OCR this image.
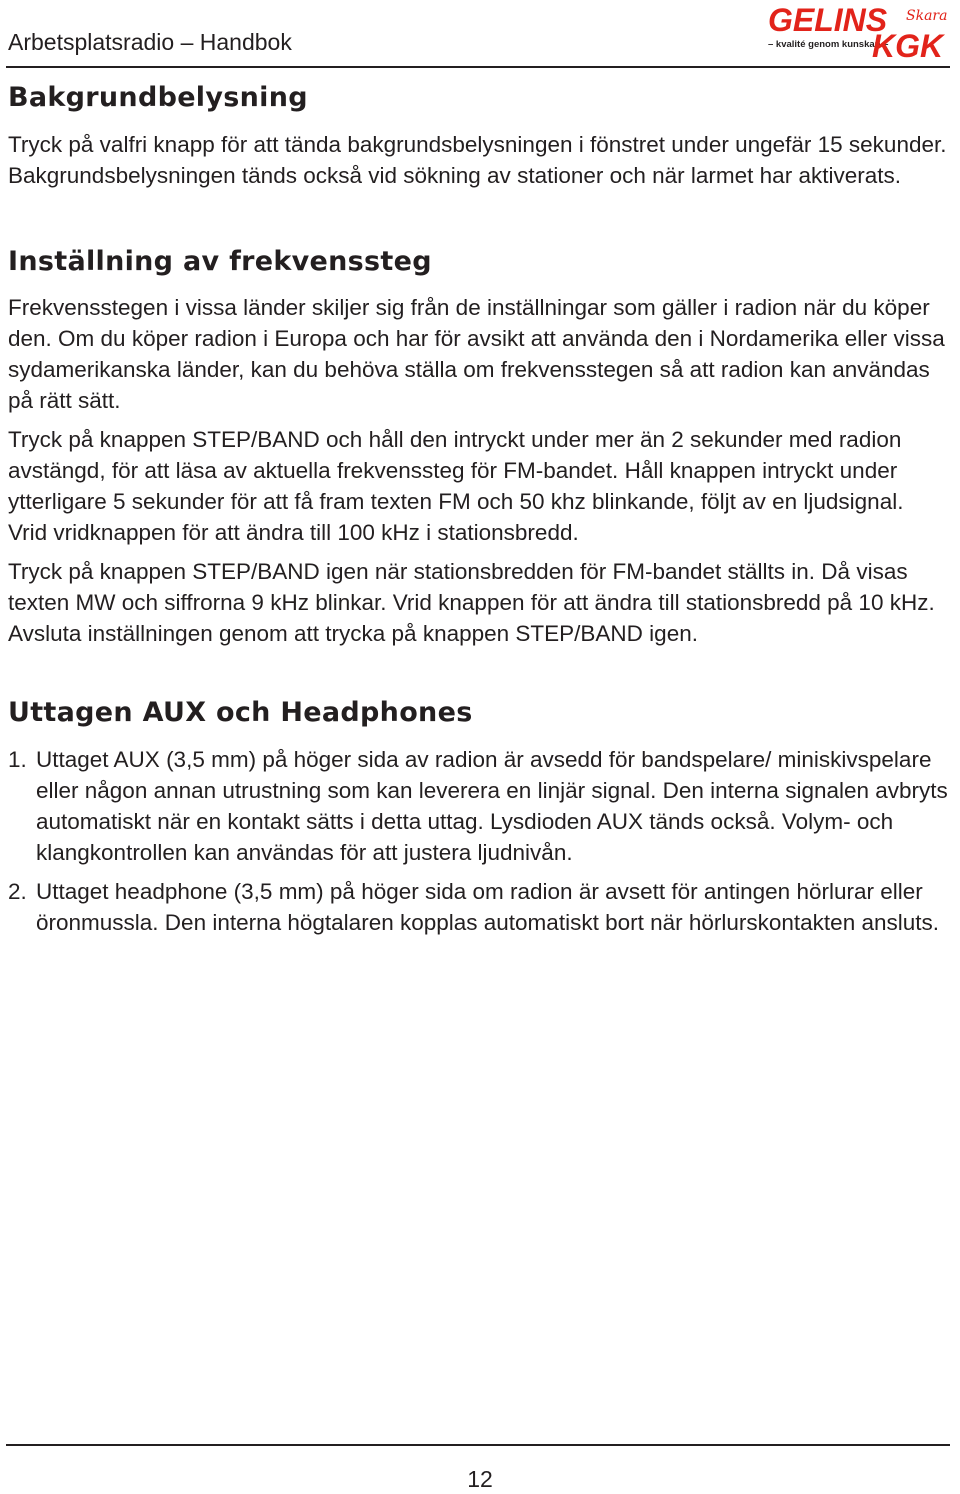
Arbetsplatsradio – Handbok
GELINS Skara
– kvalité genom kunskap –
KGK
Bakgrundbelysning

Tryck på valfri knapp för att tända bakgrundsbelysningen i fönstret under ungefär 15 sekunder. Bakgrundsbelysningen tänds också vid sökning av stationer och när larmet har aktiverats.

Inställning av frekvenssteg

Frekvensstegen i vissa länder skiljer sig från de inställningar som gäller i radion när du köper den. Om du köper radion i Europa och har för avsikt att använda den i Nordamerika eller vissa sydamerikanska länder, kan du behöva ställa om frekvensstegen så att radion kan användas på rätt sätt.

Tryck på knappen STEP/BAND och håll den intryckt under mer än 2 sekunder med radion avstängd, för att läsa av aktuella frekvenssteg för FM-bandet. Håll knappen intryckt under ytterligare 5 sekunder för att få fram texten FM och 50 khz blinkande, följt av en ljudsignal. Vrid vridknappen för att ändra till 100 kHz i stationsbredd.

Tryck på knappen STEP/BAND igen när stationsbredden för FM-bandet ställts in. Då visas texten MW och siffrorna 9 kHz blinkar. Vrid knappen för att ändra till stationsbredd på 10 kHz. Avsluta inställningen genom att trycka på knappen STEP/BAND igen.

Uttagen AUX och Headphones
1. Uttaget AUX (3,5 mm) på höger sida av radion är avsedd för bandspelare/ miniskivspelare eller någon annan utrustning som kan leverera en linjär signal. Den interna signalen avbryts automatiskt när en kontakt sätts i detta uttag. Lysdioden AUX tänds också. Volym- och klangkontrollen kan användas för att justera ljudnivån.
2. Uttaget headphone (3,5 mm) på höger sida om radion är avsett för antingen hörlurar eller öronmussla. Den interna högtalaren kopplas automatiskt bort när hörlurskontakten ansluts.
12
